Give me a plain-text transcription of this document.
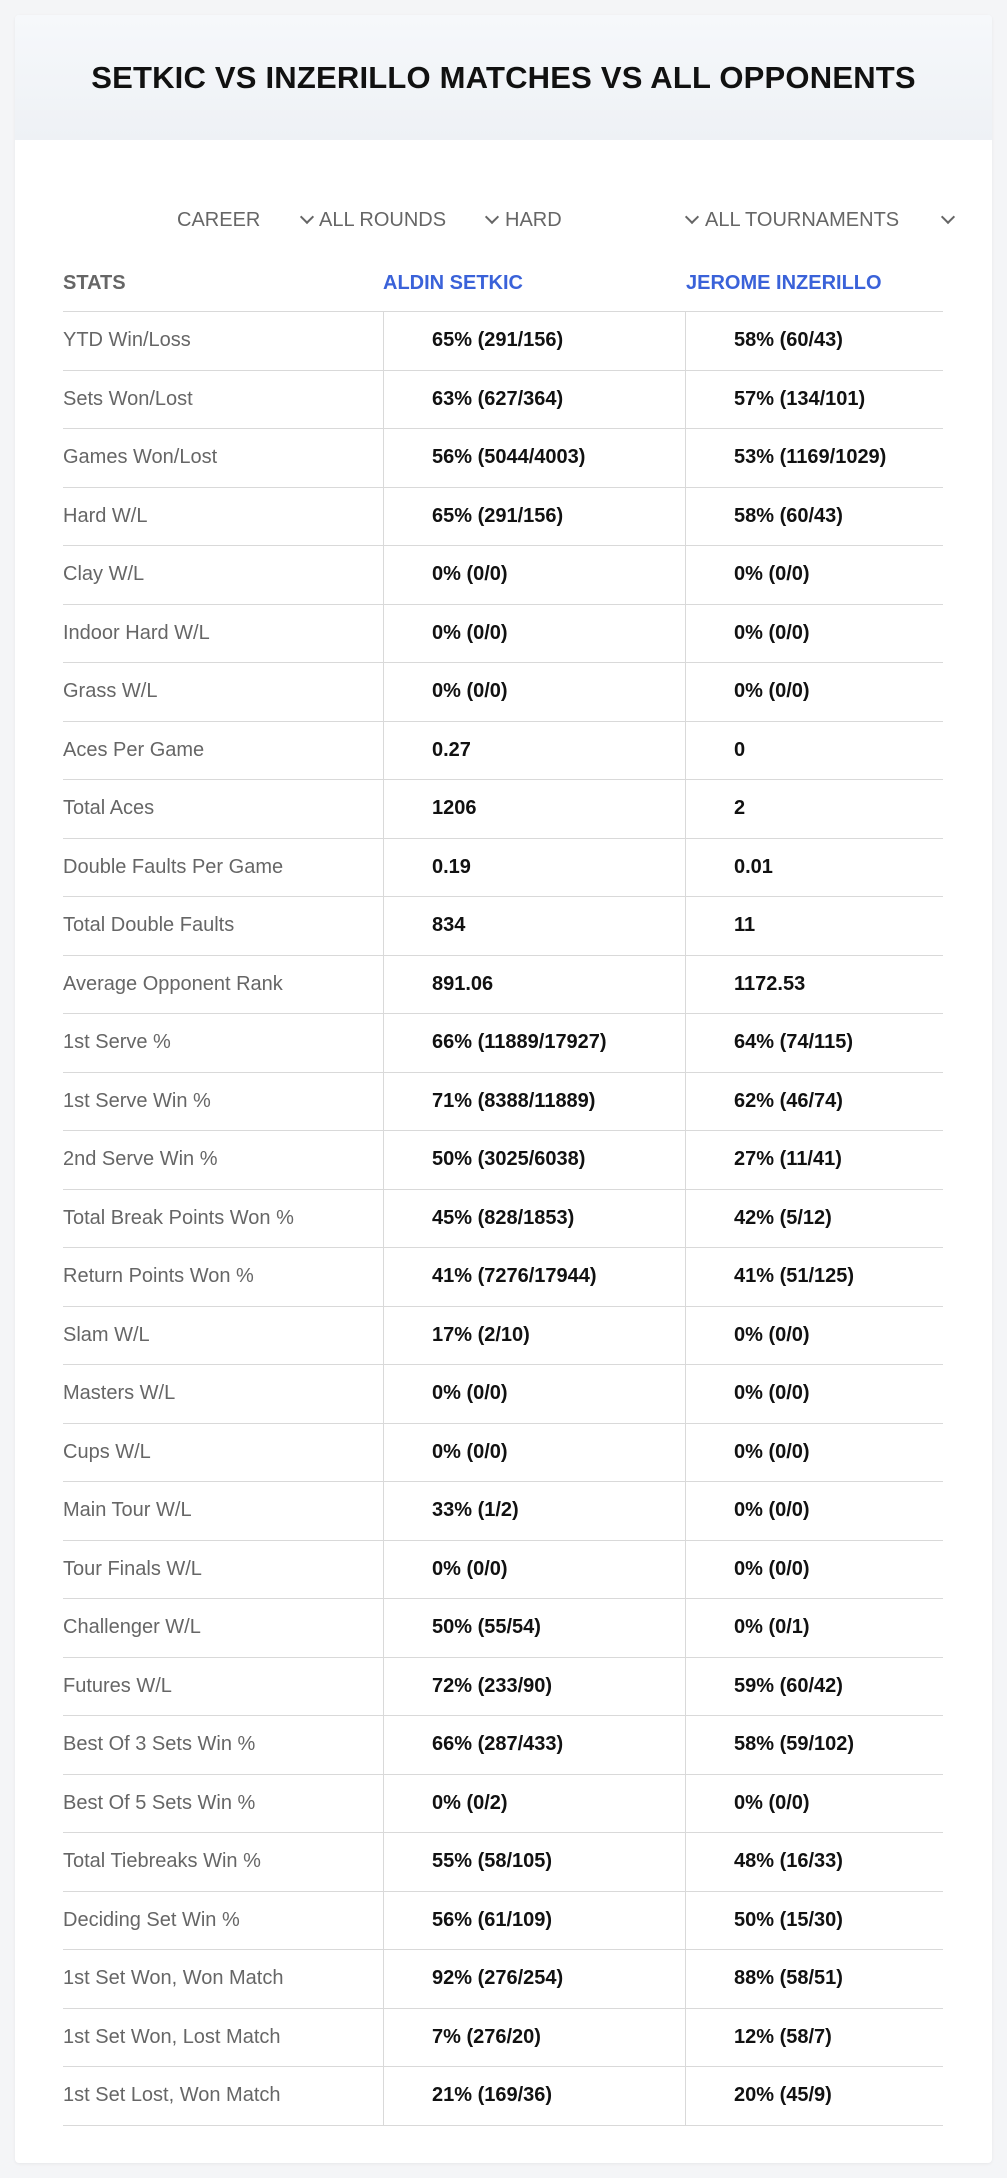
SETKIC VS INZERILLO MATCHES VS ALL OPPONENTS
CAREER	ALL ROUNDS	HARD	ALL TOURNAMENTS
STATS	ALDIN SETKIC	JEROME INZERILLO
YTD Win/Loss	65% (291/156)	58% (60/43)
Sets Won/Lost	63% (627/364)	57% (134/101)
Games Won/Lost	56% (5044/4003)	53% (1169/1029)
Hard W/L	65% (291/156)	58% (60/43)
Clay W/L	0% (0/0)	0% (0/0)
Indoor Hard W/L	0% (0/0)	0% (0/0)
Grass W/L	0% (0/0)	0% (0/0)
Aces Per Game	0.27	0
Total Aces	1206	2
Double Faults Per Game	0.19	0.01
Total Double Faults	834	11
Average Opponent Rank	891.06	1172.53
1st Serve %	66% (11889/17927)	64% (74/115)
1st Serve Win %	71% (8388/11889)	62% (46/74)
2nd Serve Win %	50% (3025/6038)	27% (11/41)
Total Break Points Won %	45% (828/1853)	42% (5/12)
Return Points Won %	41% (7276/17944)	41% (51/125)
Slam W/L	17% (2/10)	0% (0/0)
Masters W/L	0% (0/0)	0% (0/0)
Cups W/L	0% (0/0)	0% (0/0)
Main Tour W/L	33% (1/2)	0% (0/0)
Tour Finals W/L	0% (0/0)	0% (0/0)
Challenger W/L	50% (55/54)	0% (0/1)
Futures W/L	72% (233/90)	59% (60/42)
Best Of 3 Sets Win %	66% (287/433)	58% (59/102)
Best Of 5 Sets Win %	0% (0/2)	0% (0/0)
Total Tiebreaks Win %	55% (58/105)	48% (16/33)
Deciding Set Win %	56% (61/109)	50% (15/30)
1st Set Won, Won Match	92% (276/254)	88% (58/51)
1st Set Won, Lost Match	7% (276/20)	12% (58/7)
1st Set Lost, Won Match	21% (169/36)	20% (45/9)
